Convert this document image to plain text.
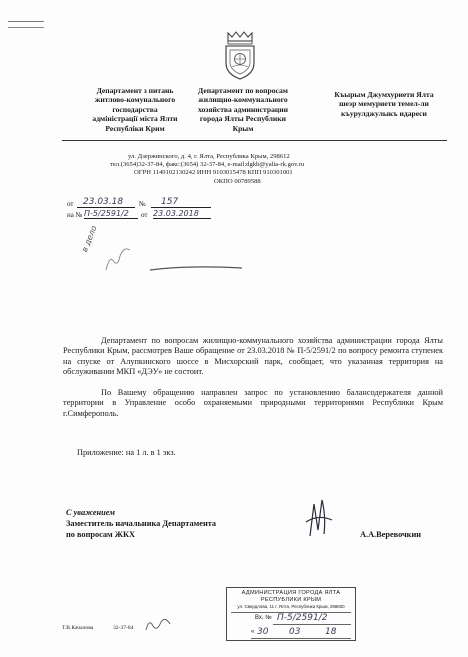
Департамент з питань
житлово-комунального
господарства
адміністрації міста Ялти
Республіки Крим
Департамент по вопросам
жилищно-коммунального
хозяйства администрации
города Ялты Республики
Крым
Къырым Джумхуриети Ялта
шеэр мемуриети темел-ли
къурулджулыкъ идареси
ул. Дзержинского, д. 4, г. Ялта, Республика Крым, 298612
тел.(3654)32-37-84, факс:(3654) 32-37-84, e-mail:dgkh@yalta-rk.gov.ru
ОГРН 1149102130242 ИНН 9103015478 КПП 910301001
ОКПО 00789588
от	23.03.18	№	157
на № П-5/2591/2	от 23.03.2018
в дело
Департамент по вопросам жилищно-коммунального хозяйства администрации города Ялты Республики Крым, рассмотрев Ваше обращение от 23.03.2018 № П-5/2591/2 по вопросу ремонта ступенек на спуске от Алупкинского шоссе в Мисхорский парк, сообщает, что указанная территория на обслуживании МКП «ДЭУ» не состоит.
По Вашему обращению направлен запрос по установлению балансодержателя данной территории в Управление особо охраняемыми природными территориями Республики Крым г.Симферополь.
Приложение: на 1 л. в 1 экз.
С уважением
Заместитель начальника Департамента
по вопросам ЖКХ	А.А.Веревочкин
АДМИНИСТРАЦИЯ ГОРОДА ЯЛТА
РЕСПУБЛИКИ КРЫМ
ул. Свердлова, 11 г. Ялта, Республика Крым, 298600
Вх. № П-5/2591/2
« 30 03	18
Т.В.Качалова	32-37-84
